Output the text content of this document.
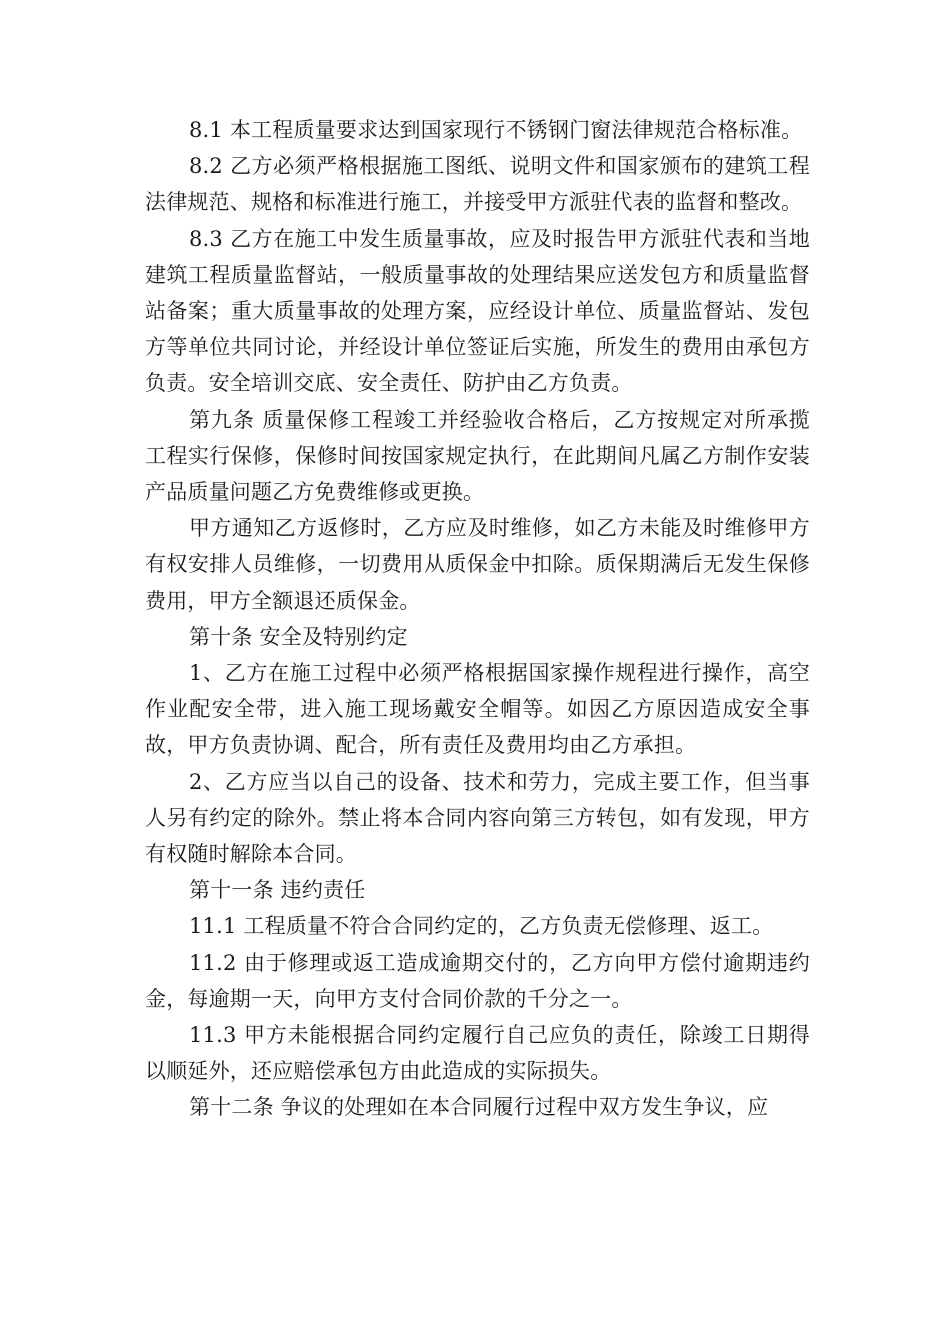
8.1 本工程质量要求达到国家现行不锈钢门窗法律规范合格标准。

8.2 乙方必须严格根据施工图纸、说明文件和国家颁布的建筑工程法律规范、规格和标准进行施工，并接受甲方派驻代表的监督和整改。

8.3 乙方在施工中发生质量事故，应及时报告甲方派驻代表和当地建筑工程质量监督站，一般质量事故的处理结果应送发包方和质量监督站备案；重大质量事故的处理方案，应经设计单位、质量监督站、发包方等单位共同讨论，并经设计单位签证后实施，所发生的费用由承包方负责。安全培训交底、安全责任、防护由乙方负责。

第九条 质量保修工程竣工并经验收合格后，乙方按规定对所承揽工程实行保修，保修时间按国家规定执行，在此期间凡属乙方制作安装产品质量问题乙方免费维修或更换。

甲方通知乙方返修时，乙方应及时维修，如乙方未能及时维修甲方有权安排人员维修，一切费用从质保金中扣除。质保期满后无发生保修费用，甲方全额退还质保金。

第十条 安全及特别约定

1、乙方在施工过程中必须严格根据国家操作规程进行操作，高空作业配安全带，进入施工现场戴安全帽等。如因乙方原因造成安全事故，甲方负责协调、配合，所有责任及费用均由乙方承担。

2、乙方应当以自己的设备、技术和劳力，完成主要工作，但当事人另有约定的除外。禁止将本合同内容向第三方转包，如有发现，甲方有权随时解除本合同。

第十一条 违约责任

11.1 工程质量不符合合同约定的，乙方负责无偿修理、返工。

11.2 由于修理或返工造成逾期交付的，乙方向甲方偿付逾期违约金，每逾期一天，向甲方支付合同价款的千分之一。

11.3 甲方未能根据合同约定履行自己应负的责任，除竣工日期得以顺延外，还应赔偿承包方由此造成的实际损失。

第十二条 争议的处理如在本合同履行过程中双方发生争议，应
